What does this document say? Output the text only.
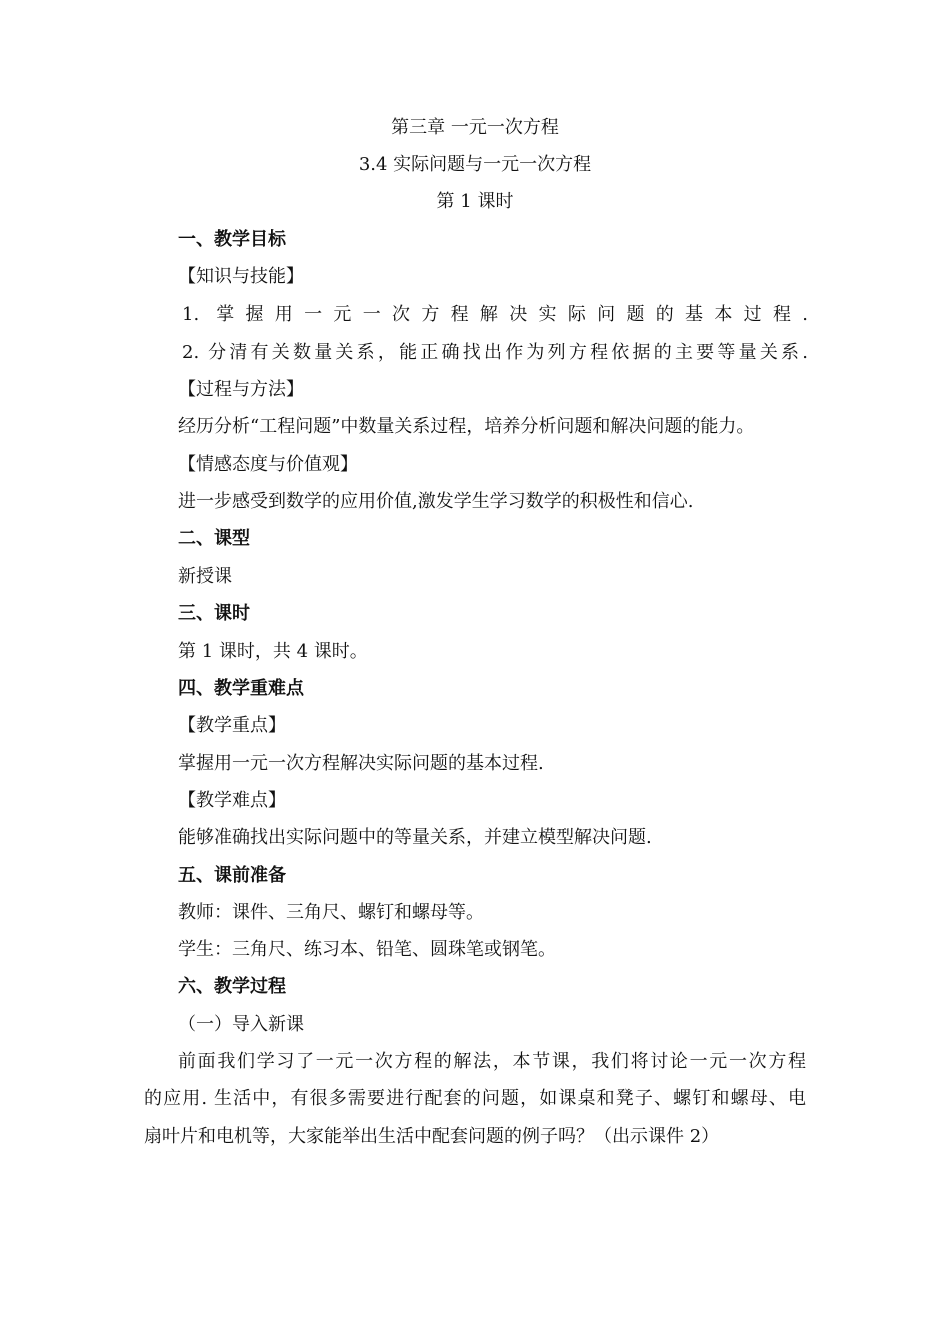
第三章 一元一次方程
3.4 实际问题与一元一次方程
第 1 课时
一、教学目标
【知识与技能】
1. 掌握用一元一次方程解决实际问题的基本过程.
2. 分清有关数量关系，能正确找出作为列方程依据的主要等量关系.
【过程与方法】
经历分析“工程问题”中数量关系过程，培养分析问题和解决问题的能力。
【情感态度与价值观】
进一步感受到数学的应用价值,激发学生学习数学的积极性和信心.
二、课型
新授课
三、课时
第 1 课时，共 4 课时。
四、教学重难点
【教学重点】
掌握用一元一次方程解决实际问题的基本过程.
【教学难点】
能够准确找出实际问题中的等量关系，并建立模型解决问题.
五、课前准备
教师：课件、三角尺、螺钉和螺母等。
学生：三角尺、练习本、铅笔、圆珠笔或钢笔。
六、教学过程
（一）导入新课
前面我们学习了一元一次方程的解法，本节课，我们将讨论一元一次方程
的应用. 生活中，有很多需要进行配套的问题，如课桌和凳子、螺钉和螺母、电
扇叶片和电机等，大家能举出生活中配套问题的例子吗？（出示课件 2）
